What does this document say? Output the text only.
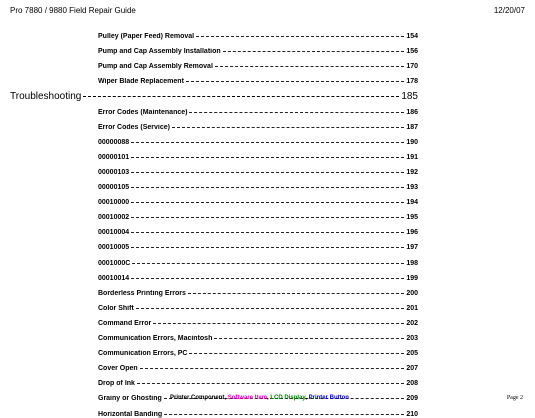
Pro 7880 / 9880 Field Repair Guide	12/20/07
Pulley (Paper Feed) Removal	154
Pump and Cap Assembly Installation	156
Pump and Cap Assembly Removal	170
Wiper Blade Replacement	178
Troubleshooting	185
Error Codes (Maintenance)	186
Error Codes (Service)	187
00000088	190
00000101	191
00000103	192
00000105	193
00010000	194
00010002	195
00010004	196
00010005	197
0001000C	198
00010014	199
Borderless Printing Errors	200
Color Shift	201
Command Error	202
Communication Errors, Macintosh	203
Communication Errors, PC	205
Cover Open	207
Drop of Ink	208
Grainy or Ghosting	209
Horizontal Banding	210
Printer Component, Software Item, LCD Display, Printer Button	Page 2
